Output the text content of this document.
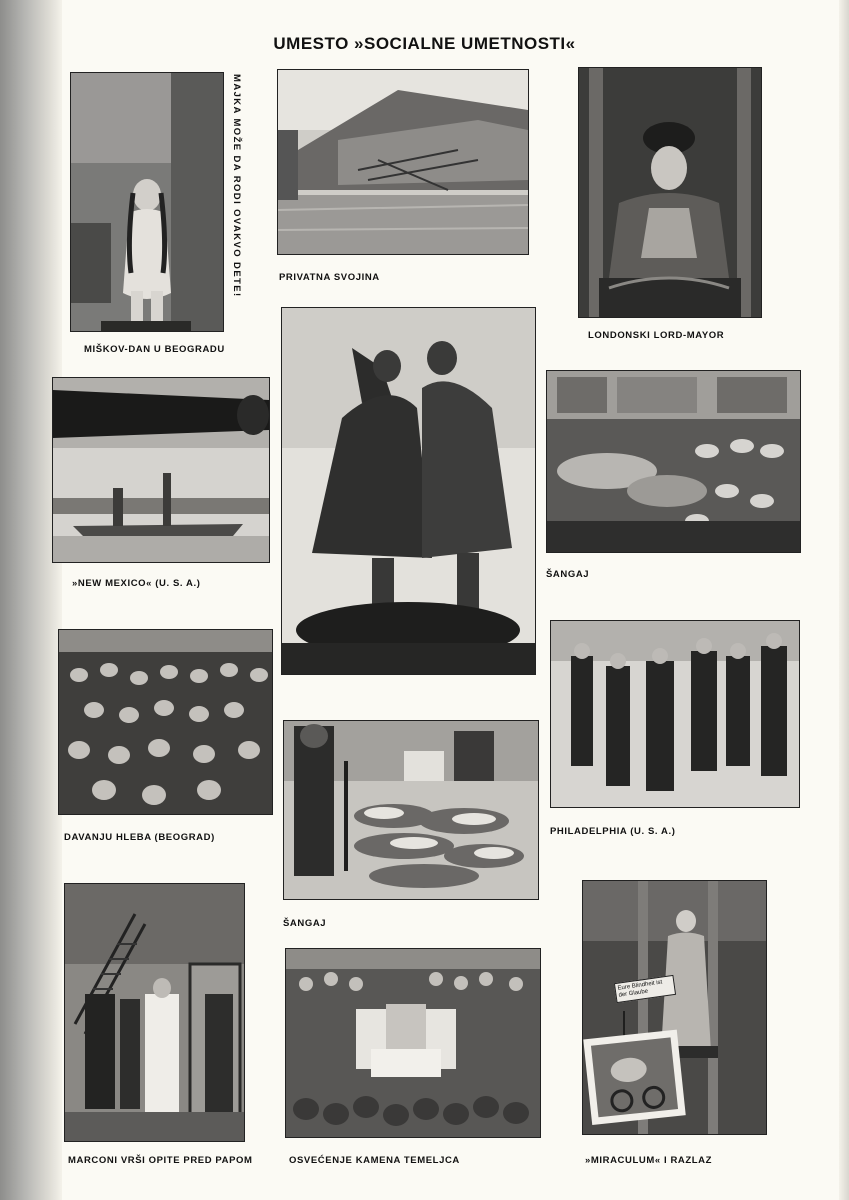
UMESTO »SOCIALNE UMETNOSTI«

MAJKA MOŽE DA RODI OVAKVO DETE!

MIŠKOV-DAN U BEOGRADU

PRIVATNA SVOJINA

LONDONSKI LORD-MAYOR

»NEW MEXICO« (U. S. A.)

ŠANGAJ

DAVANJU HLEBA (BEOGRAD)

PHILADELPHIA (U. S. A.)

ŠANGAJ

MARCONI VRŠI OPITE PRED PAPOM	OSVEĆENJE KAMENA TEMELJCA

Eure Blindheit ist der Glaube

»MIRACULUM« I RAZLAZ
